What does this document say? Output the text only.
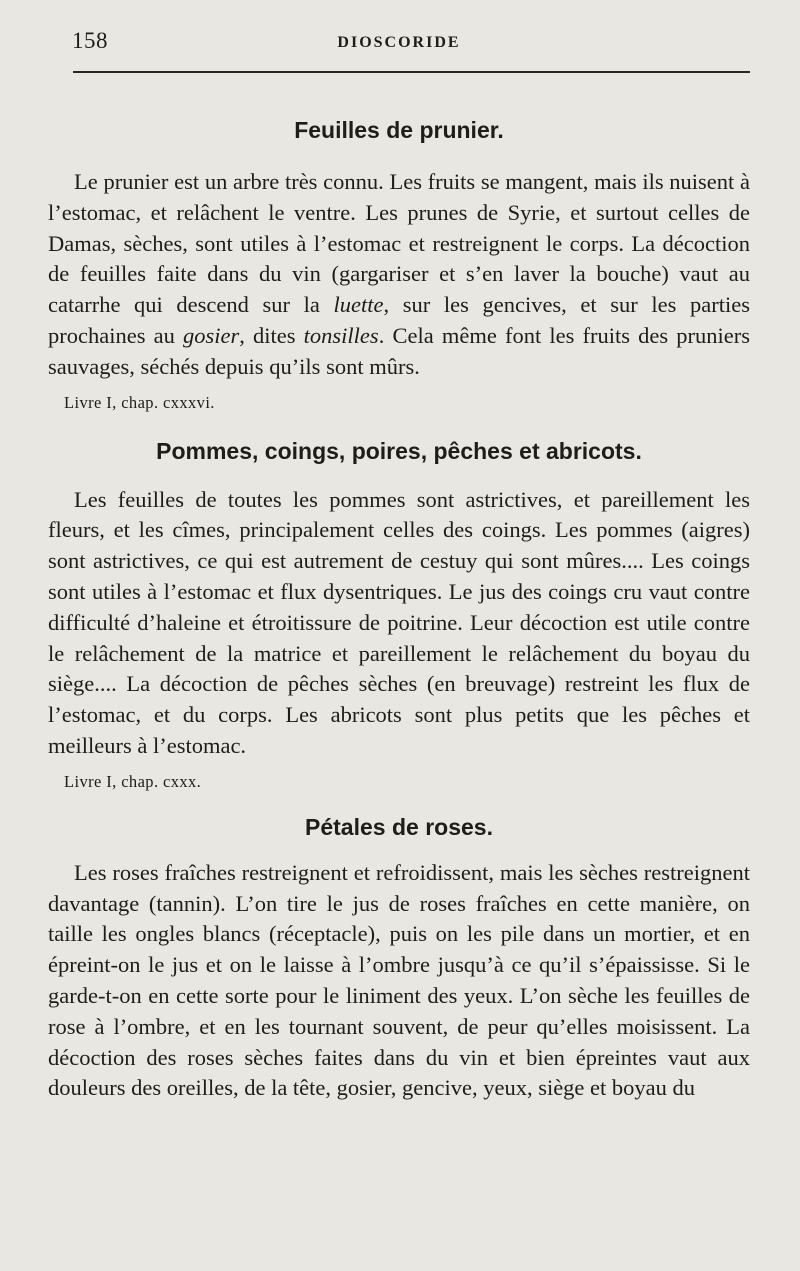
158	DIOSCORIDE
Feuilles de prunier.

Le prunier est un arbre très connu. Les fruits se mangent, mais ils nuisent à l’estomac, et relâchent le ventre. Les prunes de Syrie, et surtout celles de Damas, sèches, sont utiles à l’estomac et restreignent le corps. La décoction de feuilles faite dans du vin (gargariser et s’en laver la bouche) vaut au catarrhe qui descend sur la luette, sur les gencives, et sur les parties prochaines au gosier, dites tonsilles. Cela même font les fruits des pruniers sauvages, séchés depuis qu’ils sont mûrs.

Livre I, chap. cxxxvi.

Pommes, coings, poires, pêches et abricots.

Les feuilles de toutes les pommes sont astrictives, et pareillement les fleurs, et les cîmes, principalement celles des coings. Les pommes (aigres) sont astrictives, ce qui est autrement de cestuy qui sont mûres.... Les coings sont utiles à l’estomac et flux dysentriques. Le jus des coings cru vaut contre difficulté d’haleine et étroitissure de poitrine. Leur décoction est utile contre le relâchement de la matrice et pareillement le relâchement du boyau du siège.... La décoction de pêches sèches (en breuvage) restreint les flux de l’estomac, et du corps. Les abricots sont plus petits que les pêches et meilleurs à l’estomac.

Livre I, chap. cxxx.

Pétales de roses.

Les roses fraîches restreignent et refroidissent, mais les sèches restreignent davantage (tannin). L’on tire le jus de roses fraîches en cette manière, on taille les ongles blancs (réceptacle), puis on les pile dans un mortier, et en épreint-on le jus et on le laisse à l’ombre jusqu’à ce qu’il s’épaississe. Si le garde-t-on en cette sorte pour le liniment des yeux. L’on sèche les feuilles de rose à l’ombre, et en les tournant souvent, de peur qu’elles moisissent. La décoction des roses sèches faites dans du vin et bien épreintes vaut aux douleurs des oreilles, de la tête, gosier, gencive, yeux, siège et boyau du
